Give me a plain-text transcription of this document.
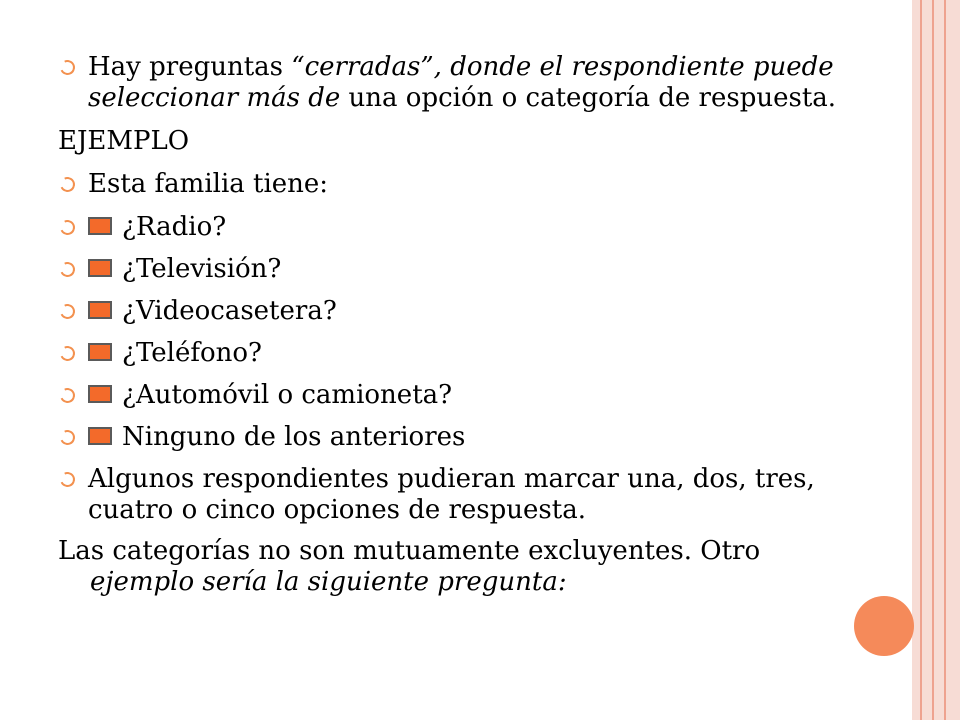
Hay preguntas “cerradas”, donde el respondiente puede seleccionar más de una opción o categoría de respuesta.
EJEMPLO
Esta familia tiene:
¿Radio?
¿Televisión?
¿Videocasetera?
¿Teléfono?
¿Automóvil o camioneta?
Ninguno de los anteriores
Algunos respondientes pudieran marcar una, dos, tres, cuatro o cinco opciones de respuesta.
Las categorías no son mutuamente excluyentes. Otro ejemplo sería la siguiente pregunta:
